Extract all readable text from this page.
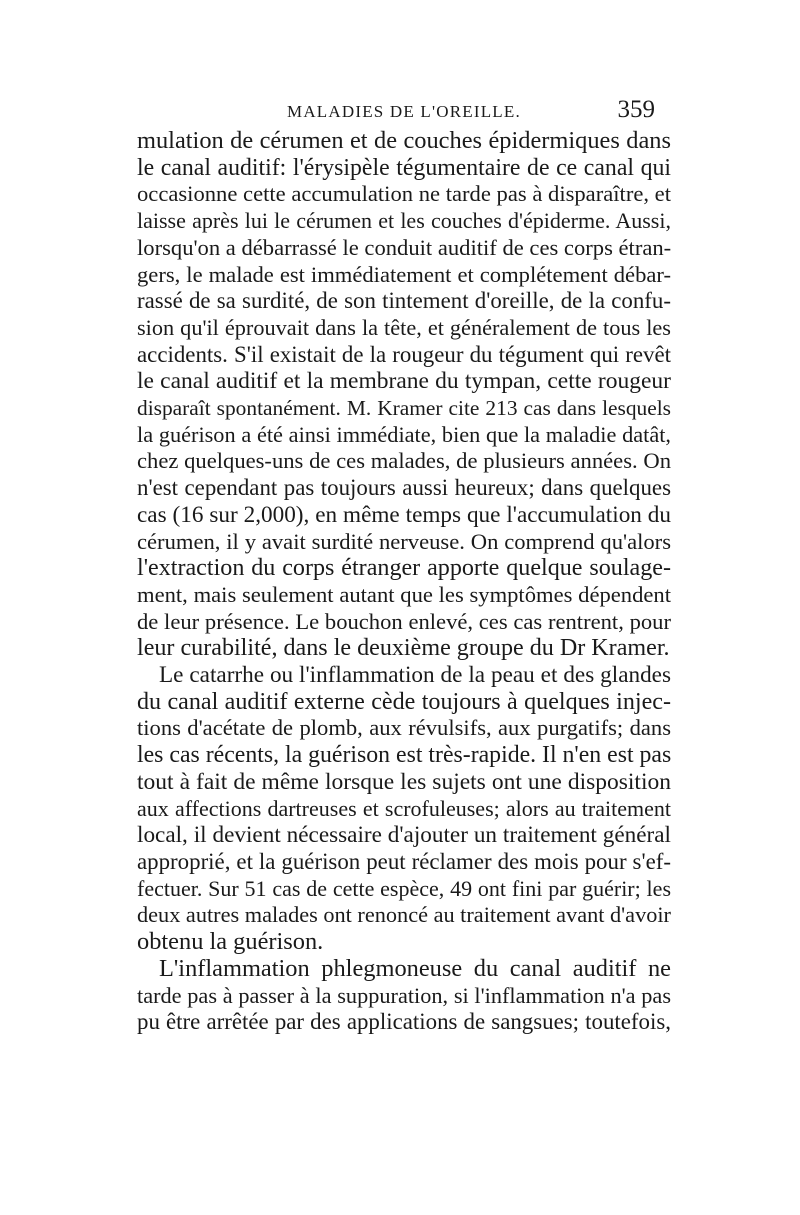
MALADIES DE L'OREILLE.	359
mulation de cérumen et de couches épidermiques dans
le canal auditif: l'érysipèle tégumentaire de ce canal qui
occasionne cette accumulation ne tarde pas à disparaître, et
laisse après lui le cérumen et les couches d'épiderme. Aussi,
lorsqu'on a débarrassé le conduit auditif de ces corps étran-
gers, le malade est immédiatement et complétement débar-
rassé de sa surdité, de son tintement d'oreille, de la confu-
sion qu'il éprouvait dans la tête, et généralement de tous les
accidents. S'il existait de la rougeur du tégument qui revêt
le canal auditif et la membrane du tympan, cette rougeur
disparaît spontanément. M. Kramer cite 213 cas dans lesquels
la guérison a été ainsi immédiate, bien que la maladie datât,
chez quelques-uns de ces malades, de plusieurs années. On
n'est cependant pas toujours aussi heureux; dans quelques
cas (16 sur 2,000), en même temps que l'accumulation du
cérumen, il y avait surdité nerveuse. On comprend qu'alors
l'extraction du corps étranger apporte quelque soulage-
ment, mais seulement autant que les symptômes dépendent
de leur présence. Le bouchon enlevé, ces cas rentrent, pour
leur curabilité, dans le deuxième groupe du Dr Kramer.
Le catarrhe ou l'inflammation de la peau et des glandes
du canal auditif externe cède toujours à quelques injec-
tions d'acétate de plomb, aux révulsifs, aux purgatifs; dans
les cas récents, la guérison est très-rapide. Il n'en est pas
tout à fait de même lorsque les sujets ont une disposition
aux affections dartreuses et scrofuleuses; alors au traitement
local, il devient nécessaire d'ajouter un traitement général
approprié, et la guérison peut réclamer des mois pour s'ef-
fectuer. Sur 51 cas de cette espèce, 49 ont fini par guérir; les
deux autres malades ont renoncé au traitement avant d'avoir
obtenu la guérison.
L'inflammation phlegmoneuse du canal auditif ne
tarde pas à passer à la suppuration, si l'inflammation n'a pas
pu être arrêtée par des applications de sangsues; toutefois,
